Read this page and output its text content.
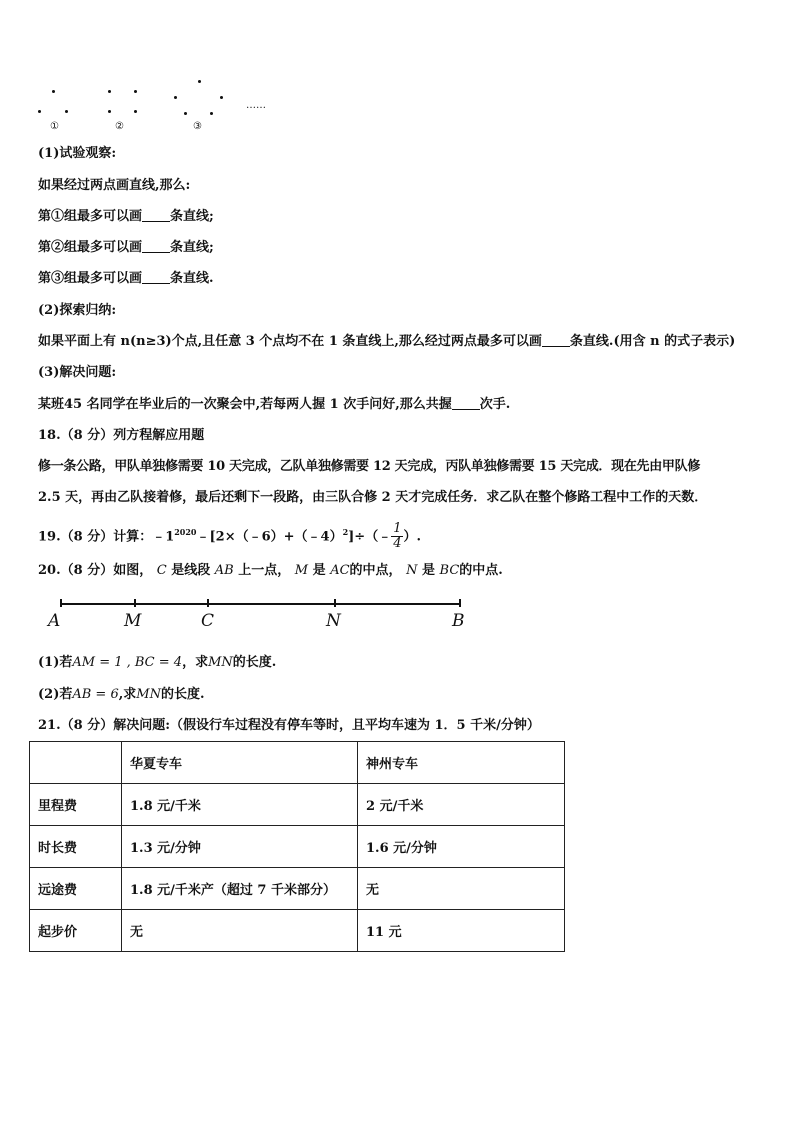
①	②	③
……
(1)试验观察:
如果经过两点画直线,那么:
第①组最多可以画 条直线;
第②组最多可以画 条直线;
第③组最多可以画 条直线.
(2)探索归纳:
如果平面上有 n(n≥3)个点,且任意 3 个点均不在 1 条直线上,那么经过两点最多可以画 条直线.(用含 n 的式子表示)
(3)解决问题:
某班45 名同学在毕业后的一次聚会中,若每两人握 1 次手问好,那么共握 次手.
18.（8 分）列方程解应用题
修一条公路，甲队单独修需要 10 天完成，乙队单独修需要 12 天完成，丙队单独修需要 15 天完成．现在先由甲队修
2.5 天，再由乙队接着修，最后还剩下一段路，由三队合修 2 天才完成任务．求乙队在整个修路工程中工作的天数．
19.（8 分）计算：$﹣1^{2020}﹣[2\times(﹣6)+(﹣4)^2]\div(﹣ \frac{1}{4}$ ）.
20.（8 分）如图， C 是线段 AB 上一点， M 是 AC的中点， N 是 BC的中点.
A	M	C	N	B
(1)若AM = 1 , BC = 4，求MN的长度.
(2)若AB = 6,求MN的长度.
21.（8 分）解决问题:（假设行车过程没有停车等时，且平均车速为 1．5 千米/分钟）
	华夏专车	神州专车
里程费	1.8 元/千米	2 元/千米
时长费	1.3 元/分钟	1.6 元/分钟
远途费	1.8 元/千米产（超过 7 千米部分）	无
起步价	无	11 元
